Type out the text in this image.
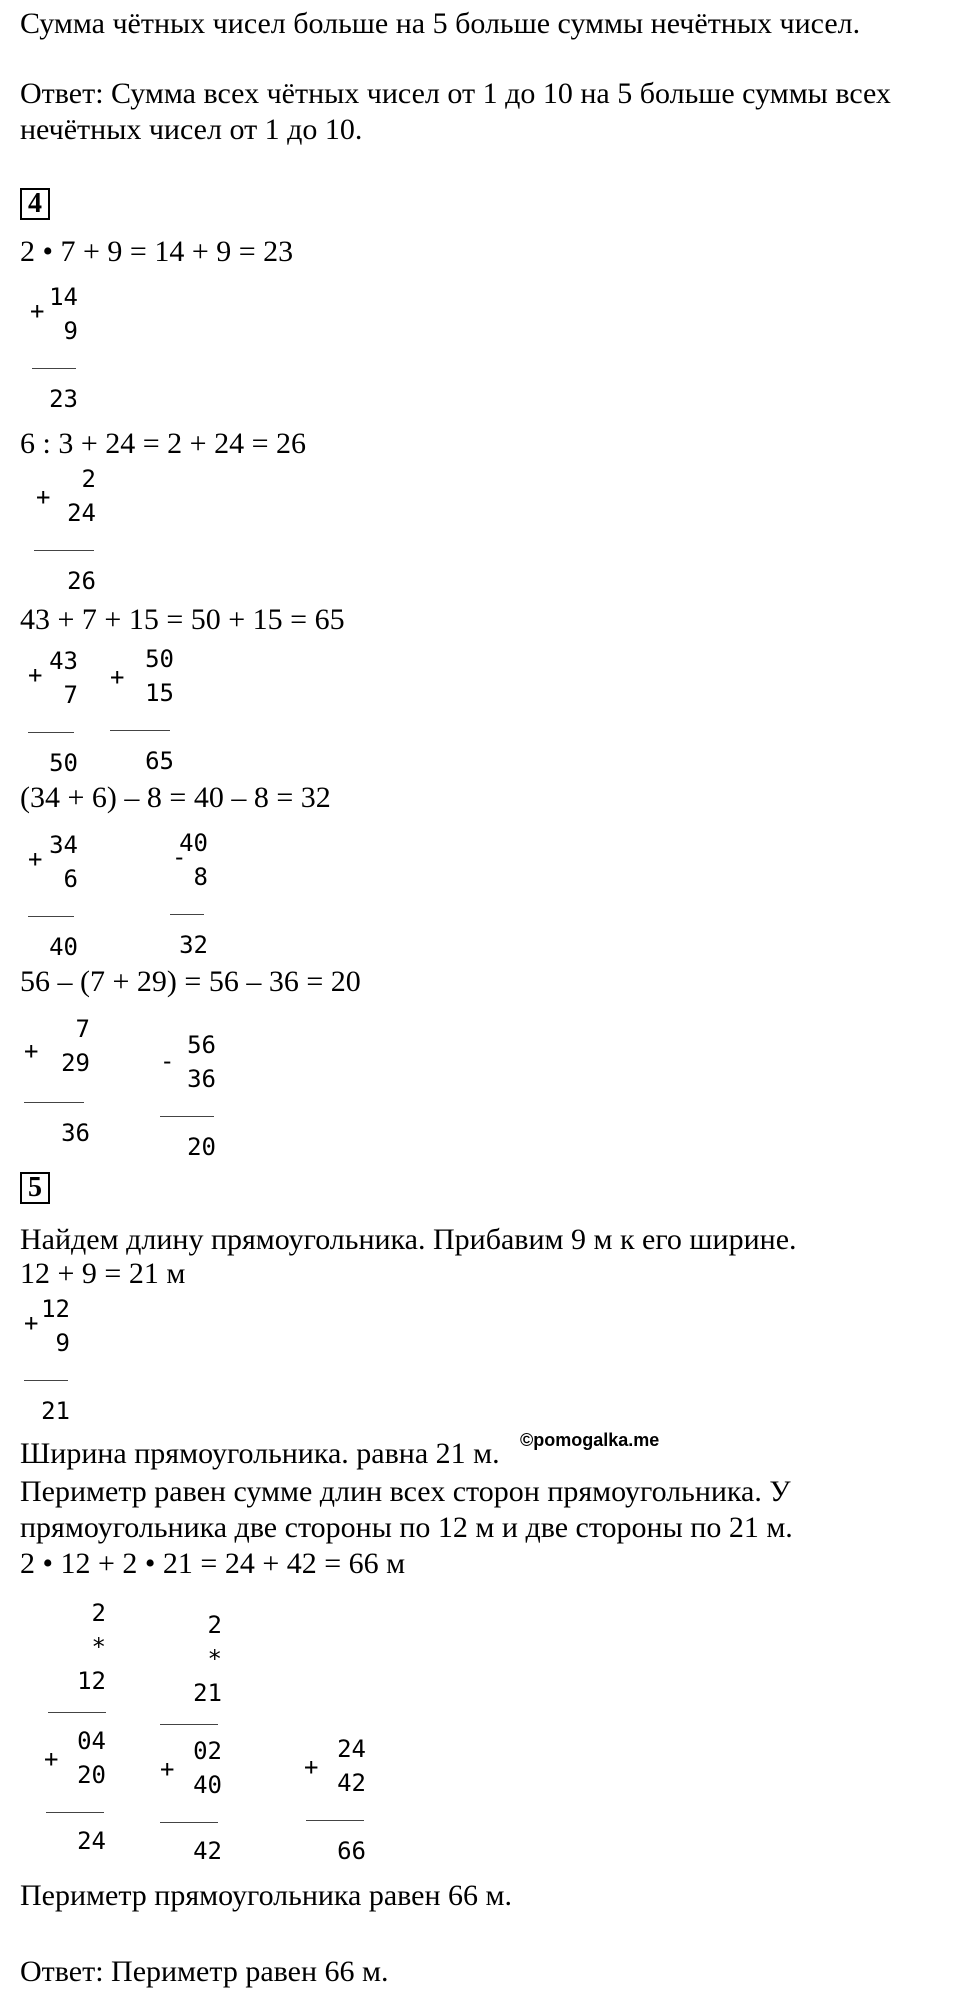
Сумма чётных чисел больше на 5 больше суммы нечётных чисел.
Ответ: Сумма всех чётных чисел от 1 до 10 на 5 больше суммы всех
нечётных чисел от 1 до 10.
4
2 • 7 + 9 = 14 + 9 = 23
+ 14
9
23
6 : 3 + 24 = 2 + 24 = 26
+
2
24
26
43 + 7 + 15 = 50 + 15 = 65
+ 43
7
50
+
50
15
65
(34 + 6) – 8 = 40 – 8 = 32
+ 34
6
40
-
40
8
32
56 – (7 + 29) = 56 – 36 = 20
+
7
29
36
-
56
36
20
5
Найдем длину прямоугольника. Прибавим 9 м к его ширине.
12 + 9 = 21 м
+ 12
9
21
Ширина прямоугольника. равна 21 м. ©pomogalka.me
Периметр равен сумме длин всех сторон прямоугольника. У
прямоугольника две стороны по 12 м и две стороны по 21 м.
2 • 12 + 2 • 21 = 24 + 42 = 66 м
2
*
12
2
*
21
+
04
20
24
+
02
40
42
+
24
42
66
Периметр прямоугольника равен 66 м.
Ответ: Периметр равен 66 м.
